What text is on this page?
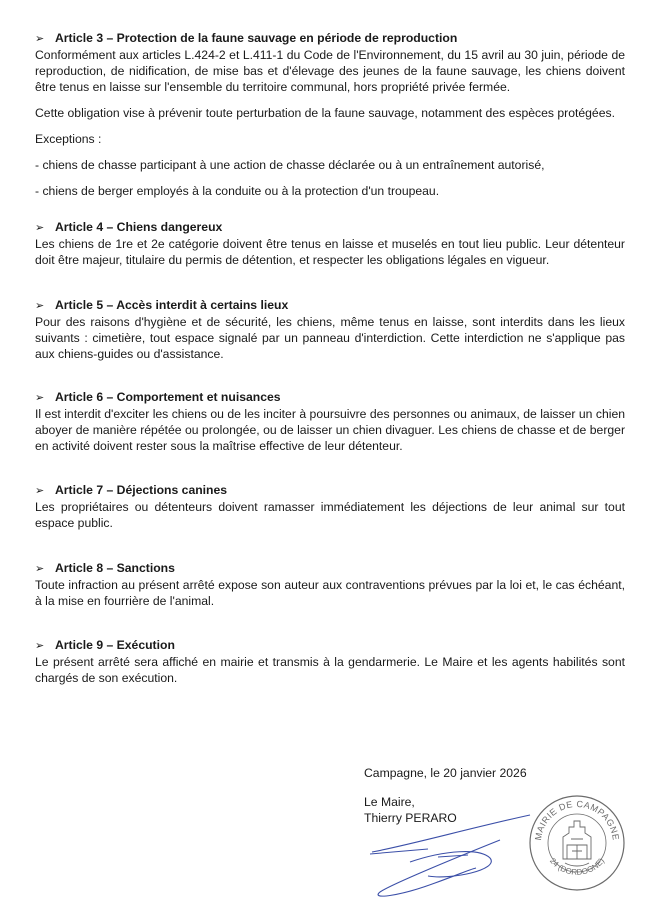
➢ Article 3 – Protection de la faune sauvage en période de reproduction

Conformément aux articles L.424-2 et L.411-1 du Code de l'Environnement, du 15 avril au 30 juin, période de reproduction, de nidification, de mise bas et d'élevage des jeunes de la faune sauvage, les chiens doivent être tenus en laisse sur l'ensemble du territoire communal, hors propriété privée fermée.

Cette obligation vise à prévenir toute perturbation de la faune sauvage, notamment des espèces protégées.

Exceptions :

- chiens de chasse participant à une action de chasse déclarée ou à un entraînement autorisé,

- chiens de berger employés à la conduite ou à la protection d'un troupeau.

➢ Article 4 – Chiens dangereux

Les chiens de 1re et 2e catégorie doivent être tenus en laisse et muselés en tout lieu public. Leur détenteur doit être majeur, titulaire du permis de détention, et respecter les obligations légales en vigueur.

➢ Article 5 – Accès interdit à certains lieux

Pour des raisons d'hygiène et de sécurité, les chiens, même tenus en laisse, sont interdits dans les lieux suivants : cimetière, tout espace signalé par un panneau d'interdiction. Cette interdiction ne s'applique pas aux chiens-guides ou d'assistance.

➢ Article 6 – Comportement et nuisances

Il est interdit d'exciter les chiens ou de les inciter à poursuivre des personnes ou animaux, de laisser un chien aboyer de manière répétée ou prolongée, ou de laisser un chien divaguer. Les chiens de chasse et de berger en activité doivent rester sous la maîtrise effective de leur détenteur.

➢ Article 7 – Déjections canines

Les propriétaires ou détenteurs doivent ramasser immédiatement les déjections de leur animal sur tout espace public.

➢ Article 8 – Sanctions

Toute infraction au présent arrêté expose son auteur aux contraventions prévues par la loi et, le cas échéant, à la mise en fourrière de l'animal.

➢ Article 9 – Exécution

Le présent arrêté sera affiché en mairie et transmis à la gendarmerie. Le Maire et les agents habilités sont chargés de son exécution.

Campagne, le 20 janvier 2026
Le Maire,
Thierry PERARO
MAIRIE DE CAMPAGNE
24 (DORDOGNE)
